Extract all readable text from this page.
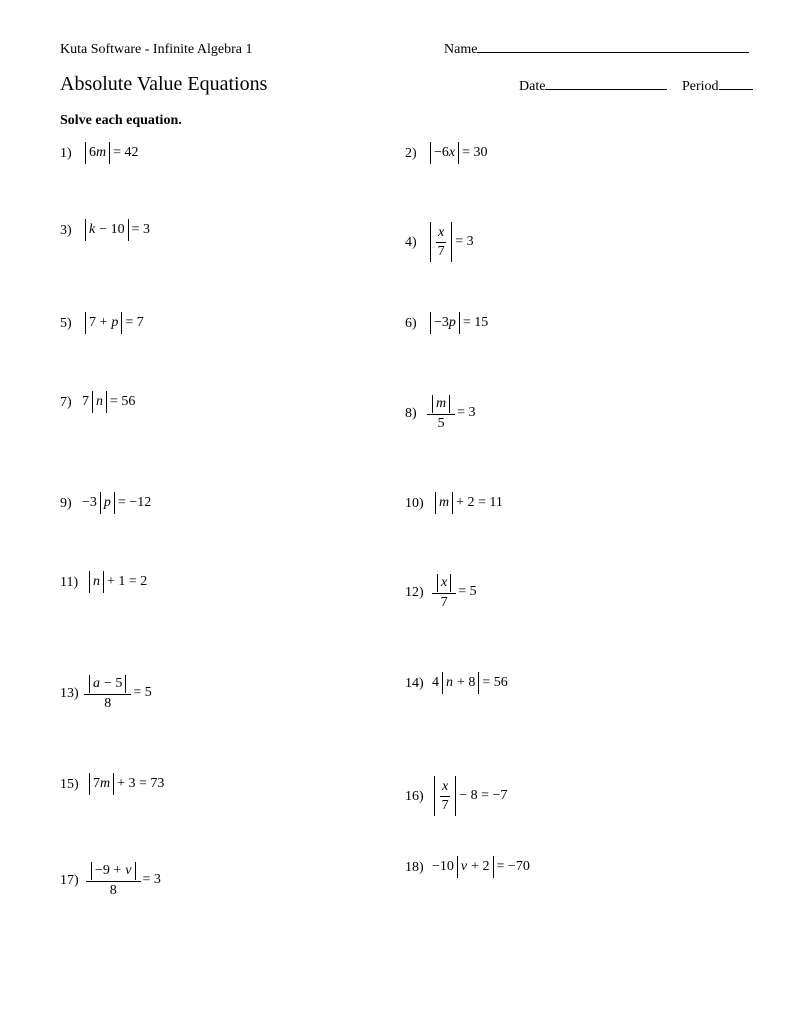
Kuta Software - Infinite Algebra 1	Name
Absolute Value Equations	Date	Period
Solve each equation.
1) 6 m = 42	2) −6 x = 30
3) k − 10 = 3
$4) \frac{x}{7} = 3$
5) 7 + p = 7	6) −3 p = 15
7) 7 n = 56
$8) \frac{m}{5} = 3$
9) −3 p = −12	10) m + 2 = 11
11) n + 1 = 2
$12) \frac{x}{7} = 5$
$13) \frac{a - 5}{8} = 5$
14) 4 n + 8 = 56
15) 7 m + 3 = 73
$16) \frac{x}{7} - 8 = -7$
$17) \frac{-9 + v}{8} = 3$
18) −10 v + 2 = −70
